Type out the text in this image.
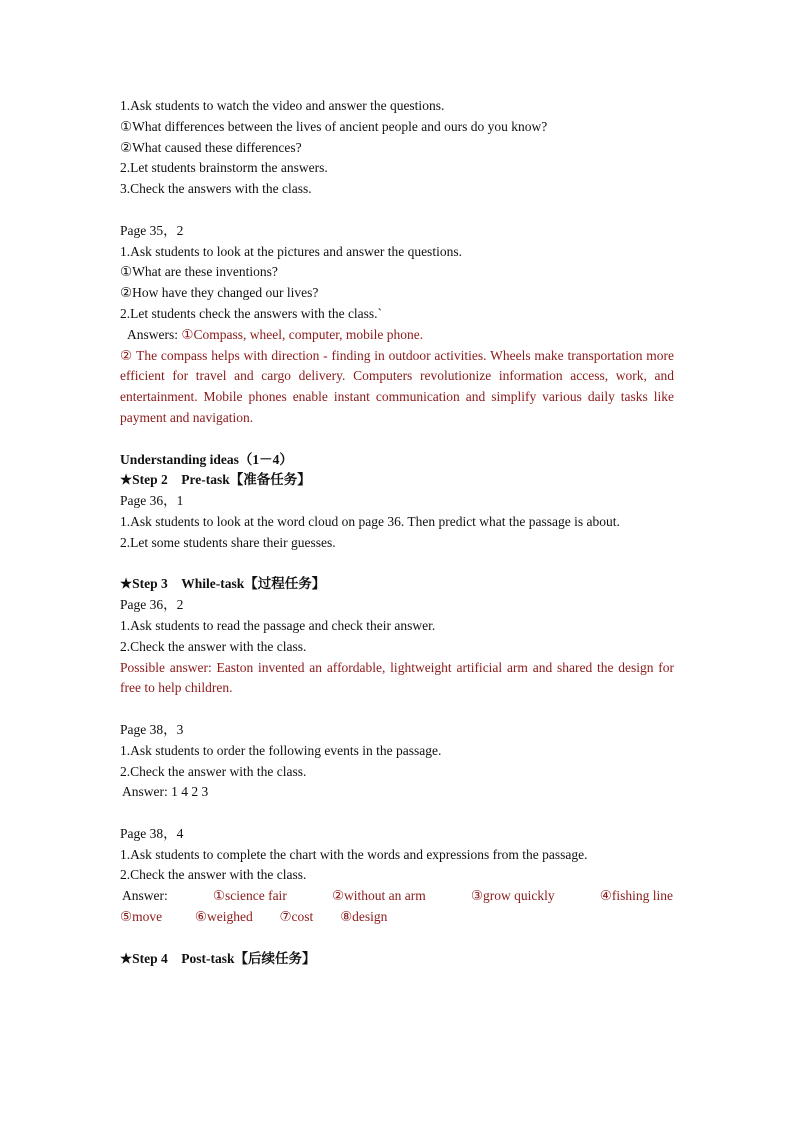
1.Ask students to watch the video and answer the questions.
①What differences between the lives of ancient people and ours do you know?
②What caused these differences?
2.Let students brainstorm the answers.
3.Check the answers with the class.
Page 35，2
1.Ask students to look at the pictures and answer the questions.
①What are these inventions?
②How have they changed our lives?
2.Let students check the answers with the class.`
Answers: ①Compass, wheel, computer, mobile phone.
② The compass helps with direction - finding in outdoor activities. Wheels make transportation more efficient for travel and cargo delivery. Computers revolutionize information access, work, and entertainment. Mobile phones enable instant communication and simplify various daily tasks like payment and navigation.
Understanding ideas（1－4）
★Step 2　Pre-task【准备任务】
Page 36，1
1.Ask students to look at the word cloud on page 36. Then predict what the passage is about.
2.Let some students share their guesses.
★Step 3　While-task【过程任务】
Page 36，2
1.Ask students to read the passage and check their answer.
2.Check the answer with the class.
Possible answer: Easton invented an affordable, lightweight artificial arm and shared the design for free to help children.
Page 38，3
1.Ask students to order the following events in the passage.
2.Check the answer with the class.
Answer: 1 4 2 3
Page 38，4
1.Ask students to complete the chart with the words and expressions from the passage.
2.Check the answer with the class.
Answer:	①science fair	②without an arm	③grow quickly	④fishing line
⑤move ⑥weighed ⑦cost ⑧design
★Step 4　Post-task【后续任务】
